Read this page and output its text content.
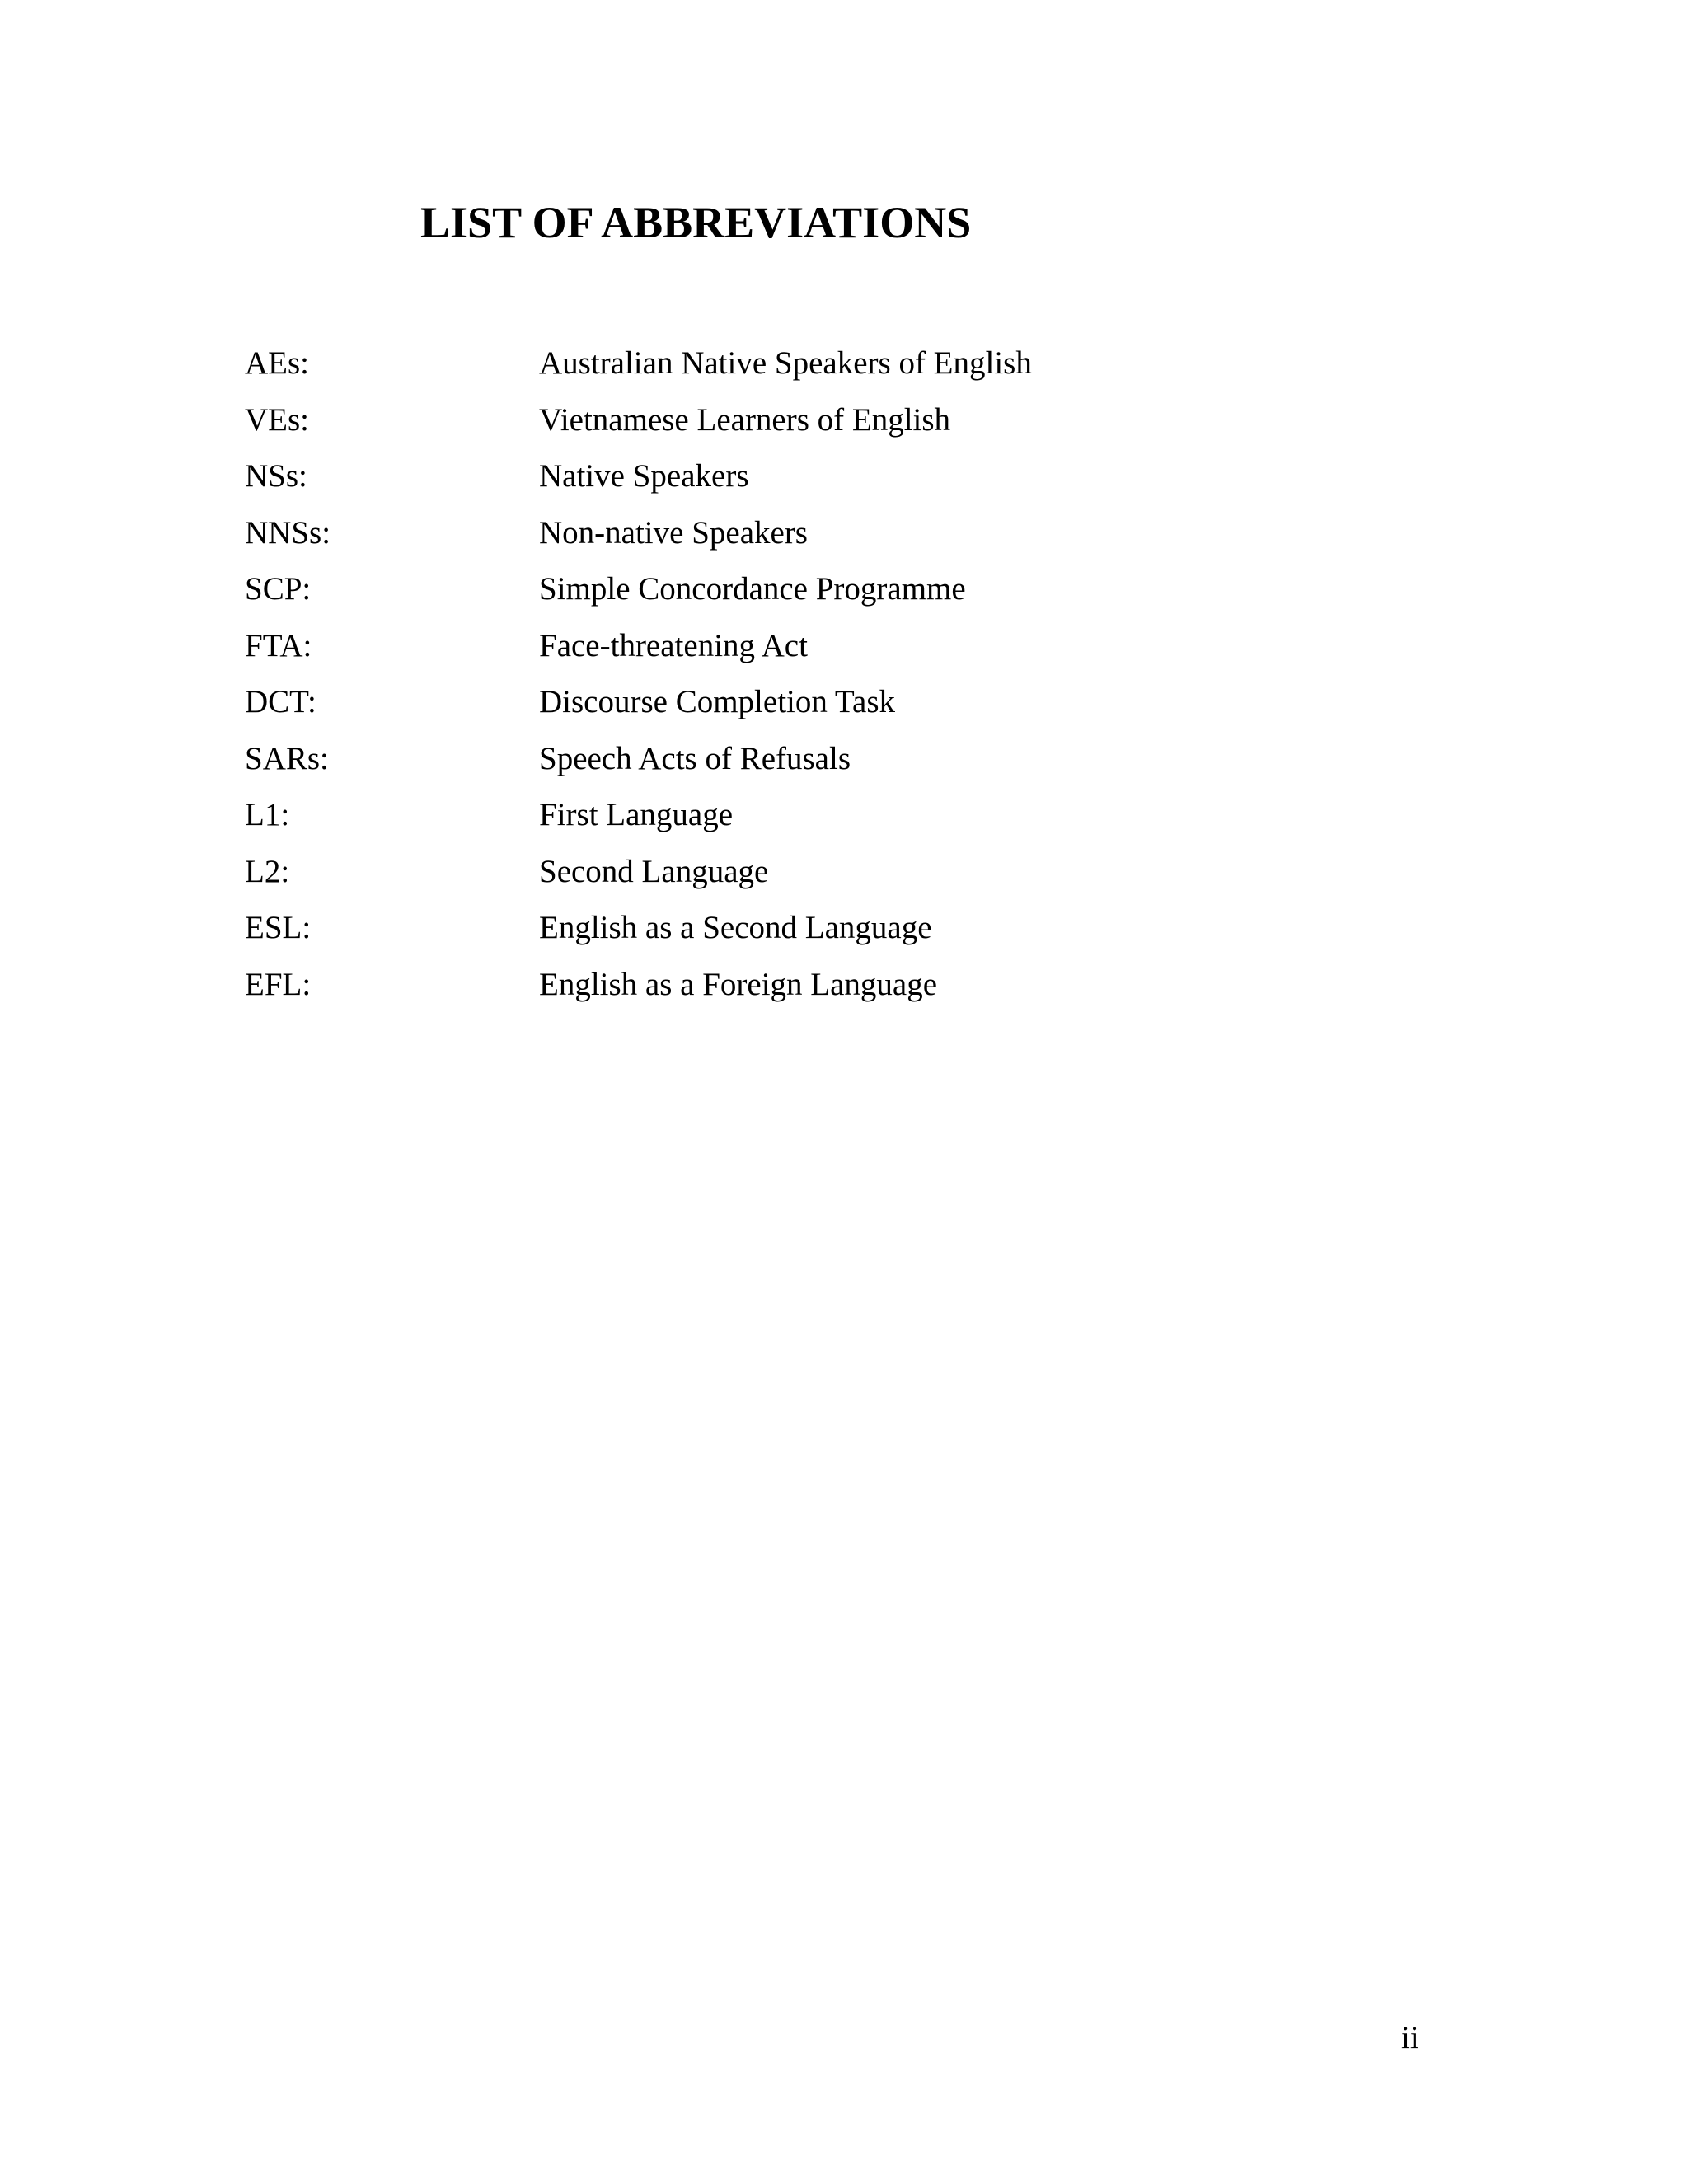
LIST OF ABBREVIATIONS
AEs:	Australian Native Speakers of English
VEs:	Vietnamese Learners of English
NSs:	Native Speakers
NNSs:	Non-native Speakers
SCP:	Simple Concordance Programme
FTA:	Face-threatening Act
DCT:	Discourse Completion Task
SARs:	Speech Acts of Refusals
L1:	First Language
L2:	Second Language
ESL:	English as a Second Language
EFL:	English as a Foreign Language
ii
